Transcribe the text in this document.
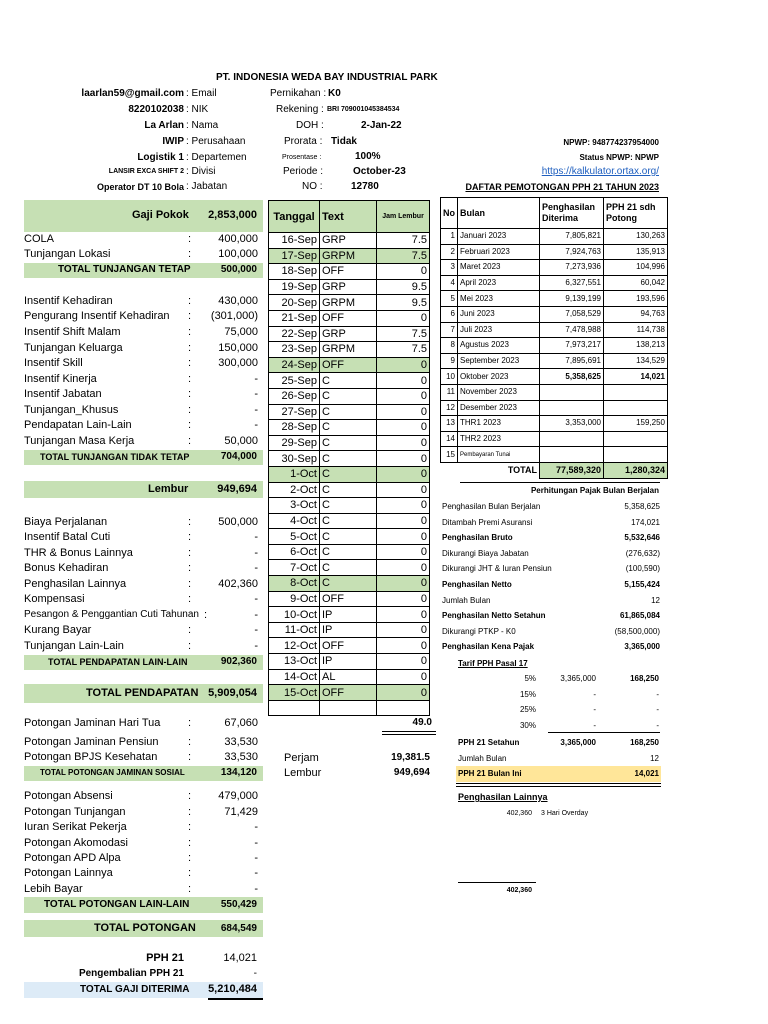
PT. INDONESIA WEDA BAY INDUSTRIAL PARK
laarlan59@gmail.com : Email
8220102038 : NIK
La Arlan : Nama
IWIP : Perusahaan
Logistik 1 : Departemen
LANSIR EXCA SHIFT 2 : Divisi
Operator DT 10 Bola : Jabatan
Pernikahan : K0
Rekening : BRI 709001045384534
DOH :	2-Jan-22
Prorata : Tidak
Prosentase :	100%
Periode :	October-23
NO :	12780
NPWP: 948774237954000
Status NPWP: NPWP
https://kalkulator.ortax.org/
DAFTAR PEMOTONGAN PPH 21 TAHUN 2023
Gaji Pokok 2,853,000
COLA	: 400,000
Tunjangan Lokasi	: 100,000
TOTAL TUNJANGAN TETAP	500,000
Insentif Kehadiran	: 430,000
Pengurang Insentif Kehadiran : (301,000)
Insentif Shift Malam	:	75,000
Tunjangan Keluarga	: 150,000
Insentif Skill	: 300,000
Insentif Kinerja	:	-
Insentif Jabatan	:	-
Tunjangan_Khusus	:	-
Pendapatan Lain-Lain	:	-
Tunjangan Masa Kerja	:	50,000
TOTAL TUNJANGAN TIDAK TETAP	704,000
Lembur	949,694
Biaya Perjalanan	: 500,000
Insentif Batal Cuti	:	-
THR & Bonus Lainnya	:	-
Bonus Kehadiran	:	-
Penghasilan Lainnya	: 402,360
Kompensasi	:	-
Pesangon & Penggantian Cuti Tahunan :	-
Kurang Bayar	:	-
Tunjangan Lain-Lain	:	-
TOTAL PENDAPATAN LAIN-LAIN	902,360
TOTAL PENDAPATAN 5,909,054
Potongan Jaminan Hari Tua	:	67,060
Potongan Jaminan Pensiun	:	33,530
Potongan BPJS Kesehatan	:	33,530
TOTAL POTONGAN JAMINAN SOSIAL	134,120
Potongan Absensi	: 479,000
Potongan Tunjangan	:	71,429
Iuran Serikat Pekerja	:	-
Potongan Akomodasi	:	-
Potongan APD Alpa	:	-
Potongan Lainnya	:	-
Lebih Bayar	:	-
TOTAL POTONGAN LAIN-LAIN	550,429
TOTAL POTONGAN 684,549
PPH 21	14,021
Pengembalian PPH 21	-
TOTAL GAJI DITERIMA 5,210,484
Tanggal	Text	Jam Lembur
16-Sep	GRP	7.5
17-Sep	GRPM	7.5
18-Sep	OFF	0
19-Sep	GRP	9.5
20-Sep	GRPM	9.5
21-Sep	OFF	0
22-Sep	GRP	7.5
23-Sep	GRPM	7.5
24-Sep	OFF	0
25-Sep	C	0
26-Sep	C	0
27-Sep	C	0
28-Sep	C	0
29-Sep	C	0
30-Sep	C	0
1-Oct	C	0
2-Oct	C	0
3-Oct	C	0
4-Oct	C	0
5-Oct	C	0
6-Oct	C	0
7-Oct	C	0
8-Oct	C	0
9-Oct	OFF	0
10-Oct	IP	0
11-Oct	IP	0
12-Oct	OFF	0
13-Oct	IP	0
14-Oct	AL	0
15-Oct	OFF	0

49.0
Perjam	19,381.5
Lembur	949,694
No	Bulan	Penghasilan Diterima	PPH 21 sdh Potong
1	Januari 2023	7,805,821	130,263
2	Februari 2023	7,924,763	135,913
3	Maret 2023	7,273,936	104,996
4	April 2023	6,327,551	60,042
5	Mei 2023	9,139,199	193,596
6	Juni 2023	7,058,529	94,763
7	Juli 2023	7,478,988	114,738
8	Agustus 2023	7,973,217	138,213
9	September 2023	7,895,691	134,529
10	Oktober 2023	5,358,625	14,021
11	November 2023		
12	Desember 2023		
13	THR1 2023	3,353,000	159,250
14	THR2 2023		
15	Pembayaran Tunai		
	TOTAL	77,589,320	1,280,324
Perhitungan Pajak Bulan Berjalan
Penghasilan Bulan Berjalan	5,358,625
Ditambah Premi Asuransi	174,021
Penghasilan Bruto	5,532,646
Dikurangi Biaya Jabatan	(276,632)
Dikurangi JHT & Iuran Pensiun	(100,590)
Penghasilan Netto	5,155,424
Jumlah Bulan	12
Penghasilan Netto Setahun	61,865,084
Dikurangi PTKP - K0	(58,500,000)
Penghasilan Kena Pajak	3,365,000
Tarif PPH Pasal 17
5%	3,365,000	168,250
15%	-	-
25%	-	-
30%	-	-
PPH 21 Setahun	3,365,000	168,250
Jumlah Bulan	12
PPH 21 Bulan Ini	14,021
Penghasilan Lainnya
402,360 3 Hari Overday
402,360
